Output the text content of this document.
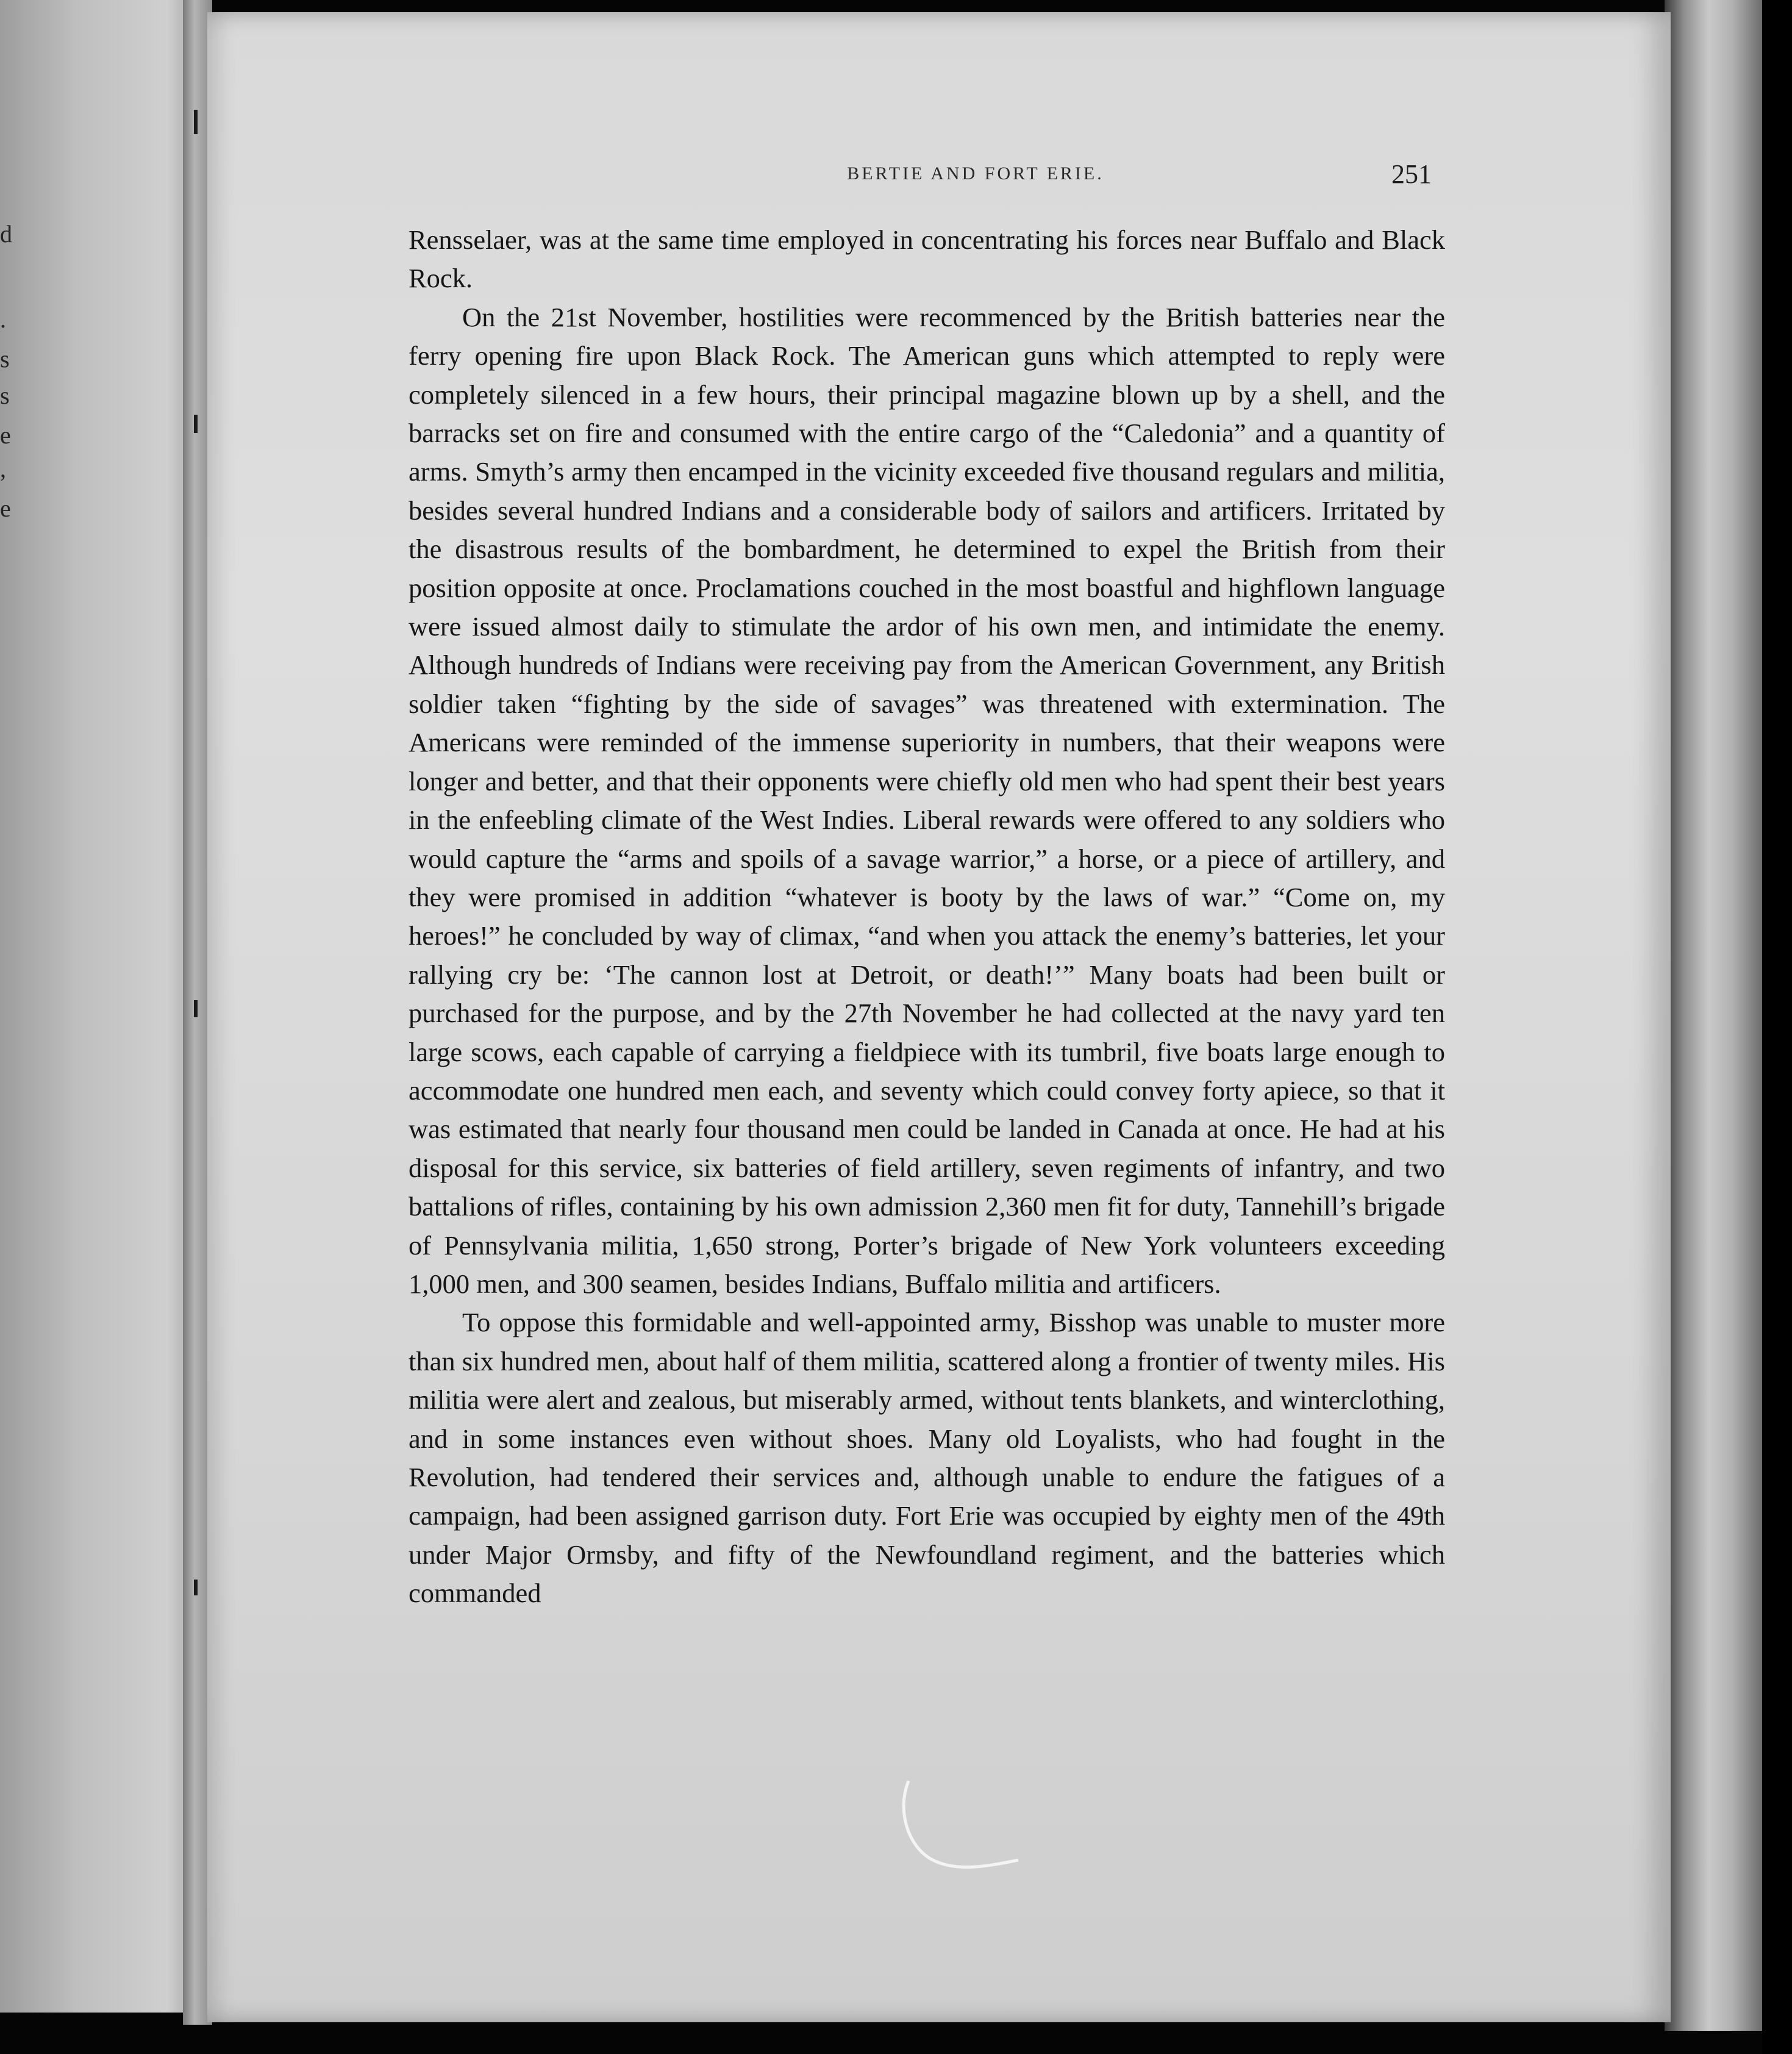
d
.
s
s
e
,
e
BERTIE AND FORT ERIE.	251

Rensselaer, was at the same time employed in concentrating his forces near Buffalo and Black Rock.

On the 21st November, hostilities were recommenced by the British batteries near the ferry opening fire upon Black Rock. The American guns which attempted to reply were completely silenced in a few hours, their principal magazine blown up by a shell, and the barracks set on fire and consumed with the entire cargo of the “Caledonia” and a quantity of arms. Smyth’s army then encamped in the vicinity exceeded five thousand regulars and militia, besides several hundred Indians and a considerable body of sailors and artificers. Irritated by the disastrous results of the bombardment, he determined to expel the British from their position opposite at once. Proclamations couched in the most boastful and highflown language were issued almost daily to stimulate the ardor of his own men, and intimidate the enemy. Although hundreds of Indians were receiving pay from the American Government, any British soldier taken “fighting by the side of savages” was threatened with extermination. The Americans were reminded of the immense superiority in numbers, that their weapons were longer and better, and that their opponents were chiefly old men who had spent their best years in the enfeebling climate of the West Indies. Liberal rewards were offered to any soldiers who would capture the “arms and spoils of a savage warrior,” a horse, or a piece of artillery, and they were promised in addition “whatever is booty by the laws of war.” “Come on, my heroes!” he concluded by way of climax, “and when you attack the enemy’s batteries, let your rallying cry be: ‘The cannon lost at Detroit, or death!’” Many boats had been built or purchased for the purpose, and by the 27th November he had collected at the navy yard ten large scows, each capable of carrying a fieldpiece with its tumbril, five boats large enough to accommodate one hundred men each, and seventy which could convey forty apiece, so that it was estimated that nearly four thousand men could be landed in Canada at once. He had at his disposal for this service, six batteries of field artillery, seven regiments of infantry, and two battalions of rifles, containing by his own admission 2,360 men fit for duty, Tannehill’s brigade of Pennsylvania militia, 1,650 strong, Porter’s brigade of New York volunteers exceeding 1,000 men, and 300 seamen, besides Indians, Buffalo militia and artificers.

To oppose this formidable and well-appointed army, Bisshop was unable to muster more than six hundred men, about half of them militia, scattered along a frontier of twenty miles. His militia were alert and zealous, but miserably armed, without tents blankets, and winterclothing, and in some instances even without shoes. Many old Loyalists, who had fought in the Revolution, had tendered their services and, although unable to endure the fatigues of a campaign, had been assigned garrison duty. Fort Erie was occupied by eighty men of the 49th under Major Ormsby, and fifty of the Newfoundland regiment, and the batteries which commanded
